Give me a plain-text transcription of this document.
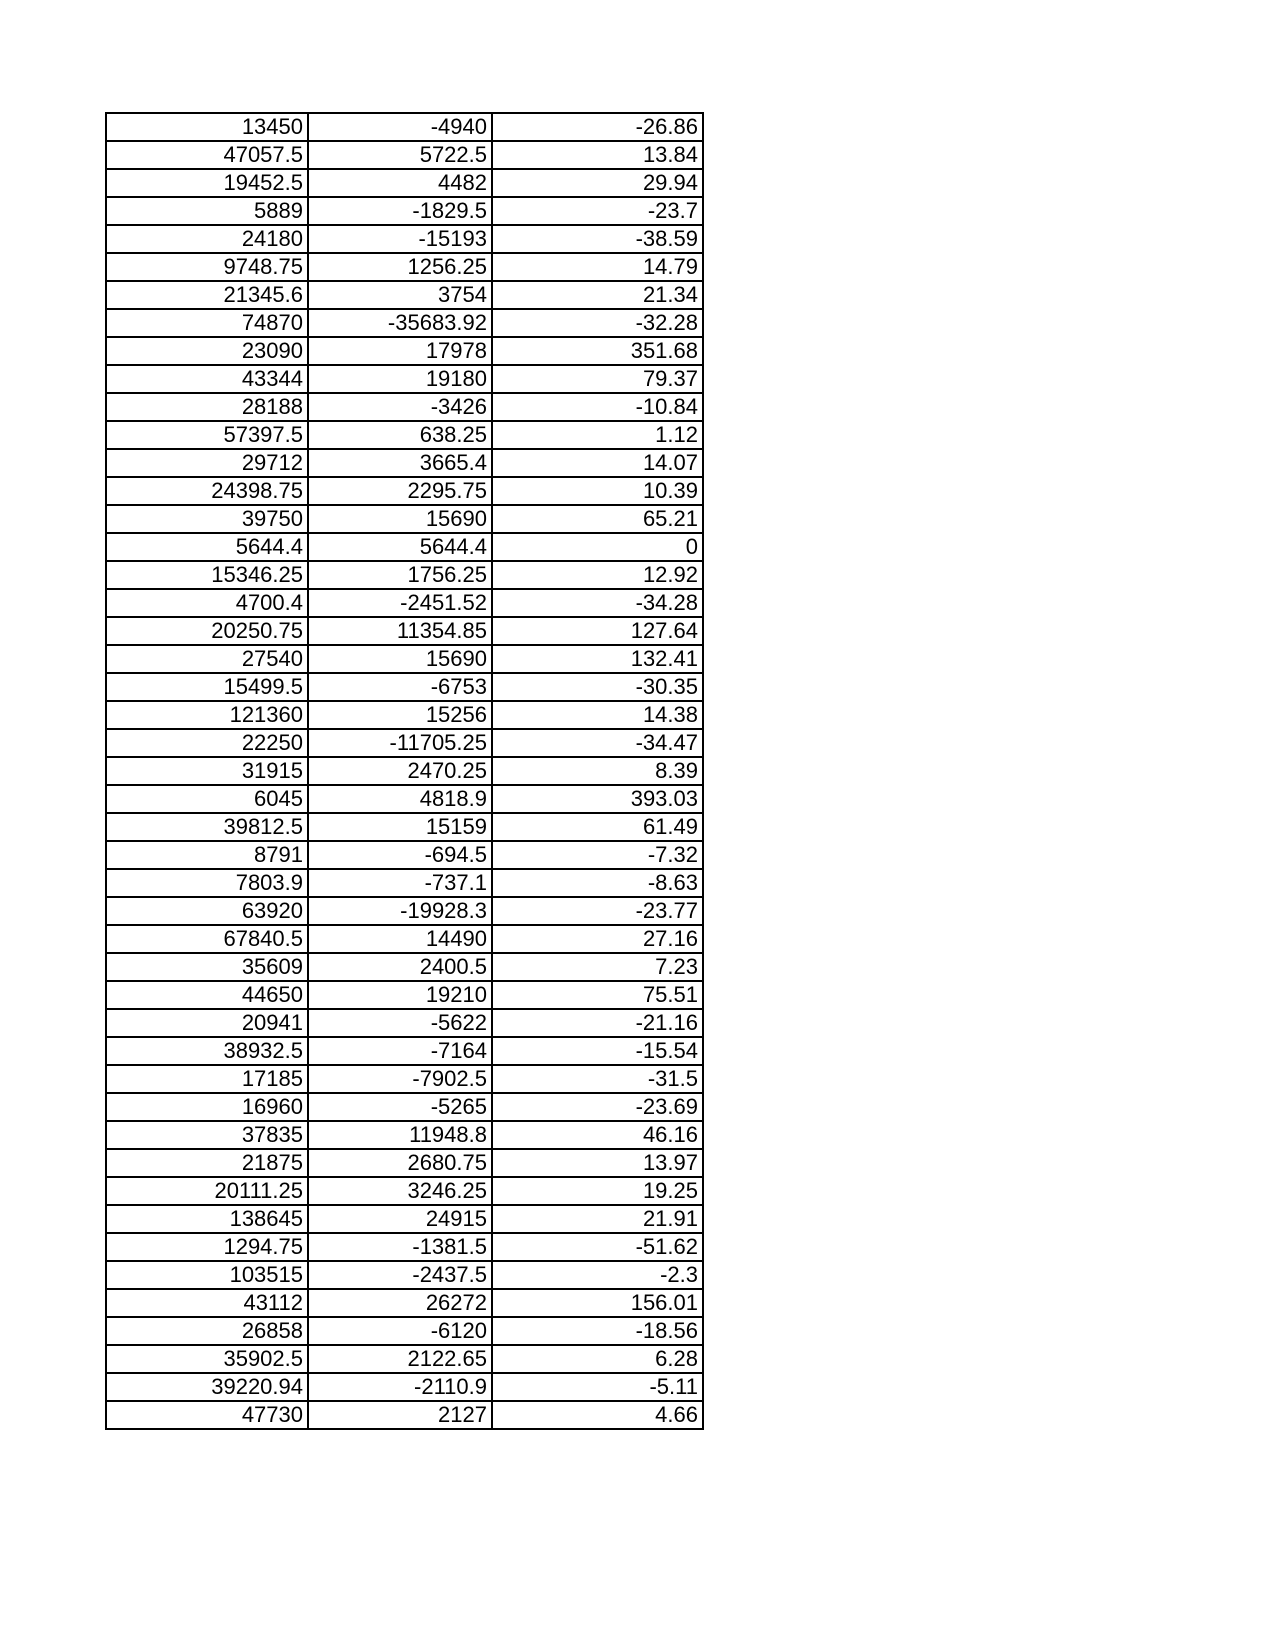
13450	-4940	-26.86
47057.5	5722.5	13.84
19452.5	4482	29.94
5889	-1829.5	-23.7
24180	-15193	-38.59
9748.75	1256.25	14.79
21345.6	3754	21.34
74870	-35683.92	-32.28
23090	17978	351.68
43344	19180	79.37
28188	-3426	-10.84
57397.5	638.25	1.12
29712	3665.4	14.07
24398.75	2295.75	10.39
39750	15690	65.21
5644.4	5644.4	0
15346.25	1756.25	12.92
4700.4	-2451.52	-34.28
20250.75	11354.85	127.64
27540	15690	132.41
15499.5	-6753	-30.35
121360	15256	14.38
22250	-11705.25	-34.47
31915	2470.25	8.39
6045	4818.9	393.03
39812.5	15159	61.49
8791	-694.5	-7.32
7803.9	-737.1	-8.63
63920	-19928.3	-23.77
67840.5	14490	27.16
35609	2400.5	7.23
44650	19210	75.51
20941	-5622	-21.16
38932.5	-7164	-15.54
17185	-7902.5	-31.5
16960	-5265	-23.69
37835	11948.8	46.16
21875	2680.75	13.97
20111.25	3246.25	19.25
138645	24915	21.91
1294.75	-1381.5	-51.62
103515	-2437.5	-2.3
43112	26272	156.01
26858	-6120	-18.56
35902.5	2122.65	6.28
39220.94	-2110.9	-5.11
47730	2127	4.66
